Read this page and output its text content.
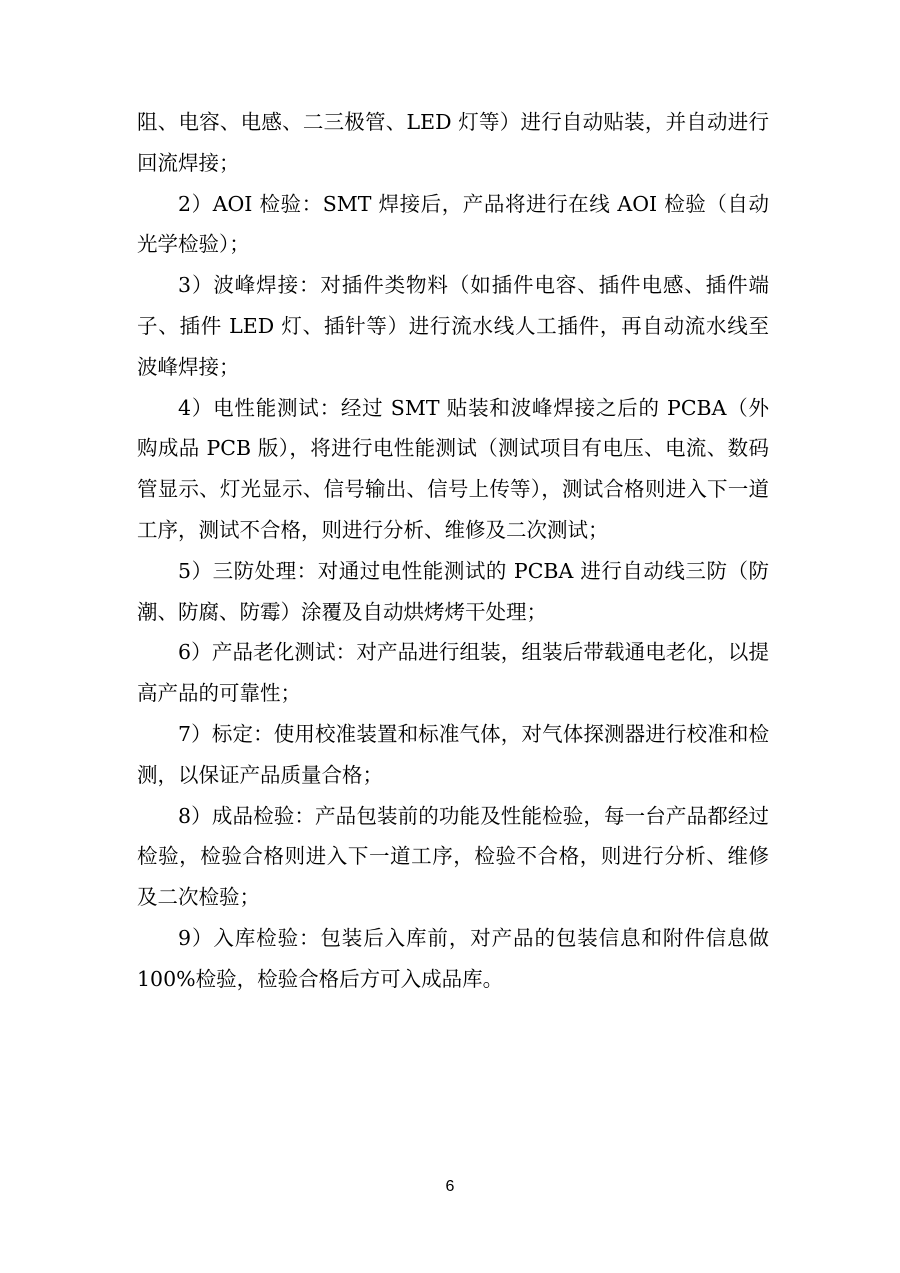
阻、电容、电感、二三极管、LED 灯等）进行自动贴装，并自动进行回流焊接；

2）AOI 检验：SMT 焊接后，产品将进行在线 AOI 检验（自动光学检验）；

3）波峰焊接：对插件类物料（如插件电容、插件电感、插件端子、插件 LED 灯、插针等）进行流水线人工插件，再自动流水线至波峰焊接；

4）电性能测试：经过 SMT 贴装和波峰焊接之后的 PCBA（外购成品 PCB 版），将进行电性能测试（测试项目有电压、电流、数码管显示、灯光显示、信号输出、信号上传等），测试合格则进入下一道工序，测试不合格，则进行分析、维修及二次测试；

5）三防处理：对通过电性能测试的 PCBA 进行自动线三防（防潮、防腐、防霉）涂覆及自动烘烤烤干处理；

6）产品老化测试：对产品进行组装，组装后带载通电老化，以提高产品的可靠性；

7）标定：使用校准装置和标准气体，对气体探测器进行校准和检测，以保证产品质量合格；

8）成品检验：产品包装前的功能及性能检验，每一台产品都经过检验，检验合格则进入下一道工序，检验不合格，则进行分析、维修及二次检验；

9）入库检验：包装后入库前，对产品的包装信息和附件信息做100%检验，检验合格后方可入成品库。

6
